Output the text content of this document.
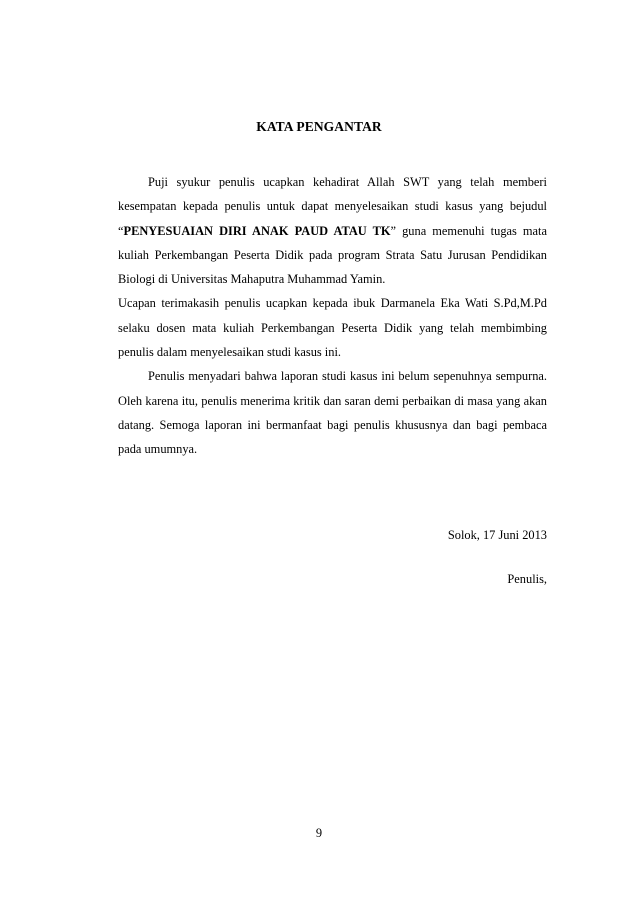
KATA PENGANTAR

Puji syukur penulis ucapkan kehadirat Allah SWT yang telah memberi kesempatan kepada penulis untuk dapat menyelesaikan studi kasus yang bejudul “PENYESUAIAN DIRI ANAK PAUD ATAU TK” guna memenuhi tugas mata kuliah Perkembangan Peserta Didik pada program Strata Satu Jurusan Pendidikan Biologi di Universitas Mahaputra Muhammad Yamin.

Ucapan terimakasih penulis ucapkan kepada ibuk Darmanela Eka Wati S.Pd,M.Pd selaku dosen mata kuliah Perkembangan Peserta Didik yang telah membimbing penulis dalam menyelesaikan studi kasus ini.

Penulis menyadari bahwa laporan studi kasus ini belum sepenuhnya sempurna. Oleh karena itu, penulis menerima kritik dan saran demi perbaikan di masa yang akan datang. Semoga laporan ini bermanfaat bagi penulis khususnya dan bagi pembaca pada umumnya.

Solok, 17 Juni 2013
Penulis,
9
